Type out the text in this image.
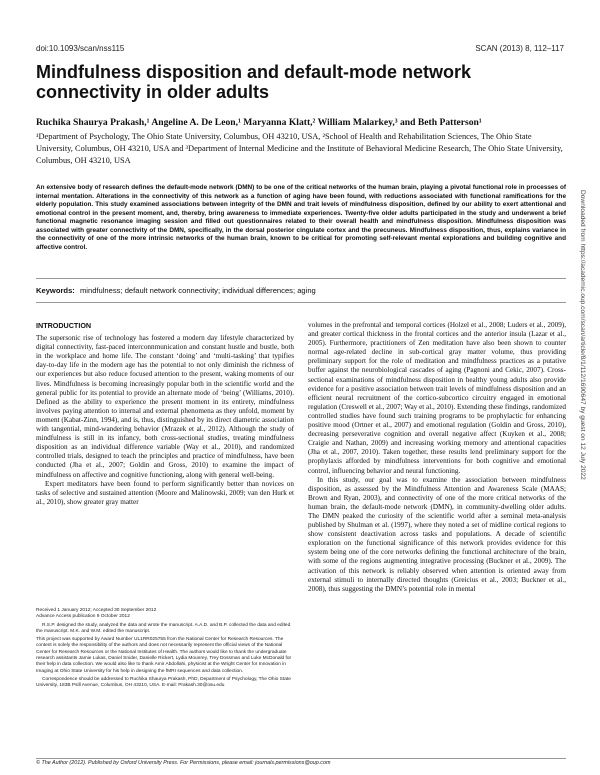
doi:10.1093/scan/nss115	SCAN (2013) 8, 112–117
Mindfulness disposition and default-mode network connectivity in older adults
Ruchika Shaurya Prakash,¹ Angeline A. De Leon,¹ Maryanna Klatt,² William Malarkey,³ and Beth Patterson¹
¹Department of Psychology, The Ohio State University, Columbus, OH 43210, USA, ²School of Health and Rehabilitation Sciences, The Ohio State University, Columbus, OH 43210, USA and ³Department of Internal Medicine and the Institute of Behavioral Medicine Research, The Ohio State University, Columbus, OH 43210, USA
An extensive body of research defines the default-mode network (DMN) to be one of the critical networks of the human brain, playing a pivotal functional role in processes of internal mentation. Alterations in the connectivity of this network as a function of aging have been found, with reductions associated with functional ramifications for the elderly population. This study examined associations between integrity of the DMN and trait levels of mindfulness disposition, defined by our ability to exert attentional and emotional control in the present moment, and, thereby, bring awareness to immediate experiences. Twenty-five older adults participated in the study and underwent a brief functional magnetic resonance imaging session and filled out questionnaires related to their overall health and mindfulness disposition. Mindfulness disposition was associated with greater connectivity of the DMN, specifically, in the dorsal posterior cingulate cortex and the precuneus. Mindfulness disposition, thus, explains variance in the connectivity of one of the more intrinsic networks of the human brain, known to be critical for promoting self-relevant mental explorations and building cognitive and affective control.
Keywords: mindfulness; default network connectivity; individual differences; aging
INTRODUCTION

The supersonic rise of technology has fostered a modern day lifestyle characterized by digital connectivity, fast-paced interconnmunication and constant hustle and bustle, both in the workplace and home life. The constant ‘doing’ and ‘multi-tasking’ that typifies day-to-day life in the modern age has the potential to not only diminish the richness of our experiences but also reduce focused attention to the present, waking moments of our lives. Mindfulness is becoming increasingly popular both in the scientific world and the general public for its potential to provide an alternate mode of ‘being’ (Williams, 2010). Defined as the ability to experience the present moment in its entirety, mindfulness involves paying attention to internal and external phenomena as they unfold, moment by moment (Kabat-Zinn, 1994), and is, thus, distinguished by its direct diametric association with tangential, mind-wandering behavior (Mrazek et al., 2012). Although the study of mindfulness is still in its infancy, both cross-sectional studies, treating mindfulness disposition as an individual difference variable (Way et al., 2010), and randomized controlled trials, designed to teach the principles and practice of mindfulness, have been conducted (Jha et al., 2007; Goldin and Gross, 2010) to examine the impact of mindfulness on affective and cognitive functioning, along with general well-being.

Expert meditators have been found to perform significantly better than novices on tasks of selective and sustained attention (Moore and Malinowski, 2009; van den Hurk et al., 2010), show greater gray matter

Received 1 January 2012; Accepted 30 September 2012
Advance Access publication 9 October 2012
R.S.P. designed the study, analyzed the data and wrote the manuscript. A.A.D. and B.P. collected the data and edited the manuscript. M.K. and W.M. edited the manuscript.
This project was supported by Award Number UL1RR025755 from the National Center for Research Resources. The content is solely the responsibility of the authors and does not necessarily represent the official views of the National Center for Research Resources or the National Institutes of Health. The authors would like to thank the undergraduate research assistants Jamie Lukas, Daniel Snider, Danielle Rickert, Lydia Mounrey, Trey Dossman and Luke McDonald for their help in data collection. We would also like to thank Amir Abdollahi, physicist at the Wright Center for Innovation in Imaging at Ohio State University for his help in designing the fMRI sequences and data collection.
Correspondence should be addressed to Ruchika Shaurya Prakash, PhD, Department of Psychology, The Ohio State University, 183B Psill Avenue, Columbus, OH 43210, USA. E-mail: Prakash.30@osu.edu

volumes in the prefrontal and temporal cortices (Holzel et al., 2008; Luders et al., 2009), and greater cortical thickness in the frontal cortices and the anterior insula (Lazar et al., 2005). Furthermore, practitioners of Zen meditation have also been shown to counter normal age-related decline in sub-cortical gray matter volume, thus providing preliminary support for the role of meditation and mindfulness practices as a putative buffer against the neurobiological cascades of aging (Pagnoni and Cekic, 2007). Cross-sectional examinations of mindfulness disposition in healthy young adults also provide evidence for a positive association between trait levels of mindfulness disposition and an efficient neural recruitment of the cortico-subcortico circuitry engaged in emotional regulation (Creswell et al., 2007; Way et al., 2010). Extending these findings, randomized controlled studies have found such training programs to be prophylactic for enhancing positive mood (Ortner et al., 2007) and emotional regulation (Goldin and Gross, 2010), decreasing perseverative cognition and overall negative affect (Kuyken et al., 2008; Craigie and Nathan, 2009) and increasing working memory and attentional capacities (Jha et al., 2007, 2010). Taken together, these results lend preliminary support for the prophylaxis afforded by mindfulness interventions for both cognitive and emotional control, influencing behavior and neural functioning.

In this study, our goal was to examine the association between mindfulness disposition, as assessed by the Mindfulness Attention and Awareness Scale (MAAS; Brown and Ryan, 2003), and connectivity of one of the more critical networks of the human brain, the default-mode network (DMN), in community-dwelling older adults. The DMN peaked the curiosity of the scientific world after a seminal meta-analysis published by Shulman et al. (1997), where they noted a set of midline cortical regions to show consistent deactivation across tasks and populations. A decade of scientific exploration on the functional significance of this network provides evidence for this system being one of the core networks defining the functional architecture of the brain, with some of the regions augmenting integrative processing (Buckner et al., 2009). The activation of this network is reliably observed when attention is oriented away from external stimuli to internally directed thoughts (Greicius et al., 2003; Buckner et al., 2008), thus suggesting the DMN’s potential role in mental

© The Author (2012). Published by Oxford University Press. For Permissions, please email: journals.permissions@oup.com
Downloaded from https://academic.oup.com/scan/article/8/1/112/1690647 by guest on 12 July 2022
